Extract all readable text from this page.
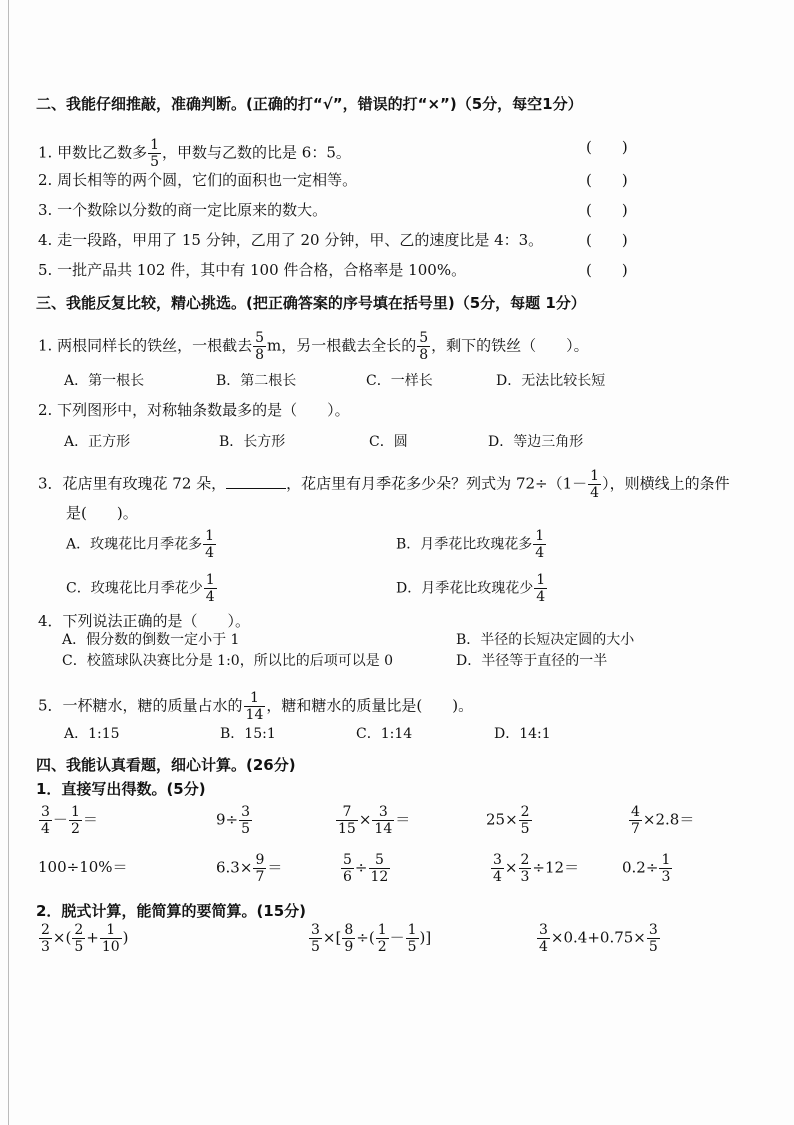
二、我能仔细推敲，准确判断。(正确的打“√”，错误的打“×”)（5分，每空1分）
1. 甲数比乙数多 $\frac{1}{5}$ ，甲数与乙数的比是 6：5。	(　　)
2. 周长相等的两个圆，它们的面积也一定相等。	(　　)
3. 一个数除以分数的商一定比原来的数大。	(　　)
4. 走一段路，甲用了 15 分钟，乙用了 20 分钟，甲、乙的速度比是 4：3。	(　　)
5. 一批产品共 102 件，其中有 100 件合格，合格率是 100%。	(　　)
三、我能反复比较，精心挑选。(把正确答案的序号填在括号里)（5分，每题 1分）
1. 两根同样长的铁丝，一根截去 $\frac{5}{8}$ m，另一根截去全长的 $\frac{5}{8}$ ，剩下的铁丝（　　）。
A．第一根长	B．第二根长	C．一样长	D．无法比较长短
2. 下列图形中，对称轴条数最多的是（　　）。
A．正方形	B．长方形	C．圆	D．等边三角形
3．花店里有玫瑰花 72 朵，	，花店里有月季花多少朵？列式为 $72\div(1- \frac{1}{4}$ ），则横线上的条件
是(　　)。
A．玫瑰花比月季花多 $\frac{1}{4}$	B．月季花比玫瑰花多 $\frac{1}{4}$
C．玫瑰花比月季花少 $\frac{1}{4}$	D．月季花比玫瑰花少 $\frac{1}{4}$
4．下列说法正确的是（　　）。
A．假分数的倒数一定小于 1	B．半径的长短决定圆的大小
C．校篮球队决赛比分是 1:0，所以比的后项可以是 0	D．半径等于直径的一半
5．一杯糖水，糖的质量占水的 $\frac{1}{14}$ ，糖和糖水的质量比是(　　)。
A．1:15	B．15:1	C．1:14	D．14:1
四、我能认真看题，细心计算。(26分)
1．直接写出得数。(5分)
$\frac{3}{4} - \frac{1}{2}$ ＝	$9\div \frac{3}{5}$	$\frac{7}{15} \times \frac{3}{14}$ ＝	$25\times \frac{2}{5}$	$\frac{4}{7} \times 2.8=$
100÷10%＝	$6.3\times \frac{9}{7}$ ＝	$\frac{5}{6} \div \frac{5}{12}$	$\frac{3}{4} \times \frac{2}{3} \div 12=$	$0.2\div \frac{1}{3}$
2．脱式计算，能简算的要简算。(15分)
$\frac{2}{3}$ ×( $\frac{2}{5} + \frac{1}{10}$ )	$\frac{3}{5}$ ×[ $\frac{8}{9}$ ÷( $\frac{1}{2} - \frac{1}{5}$ )]	$\frac{3}{4} \times 0.4+0.75\times \frac{3}{5}$
